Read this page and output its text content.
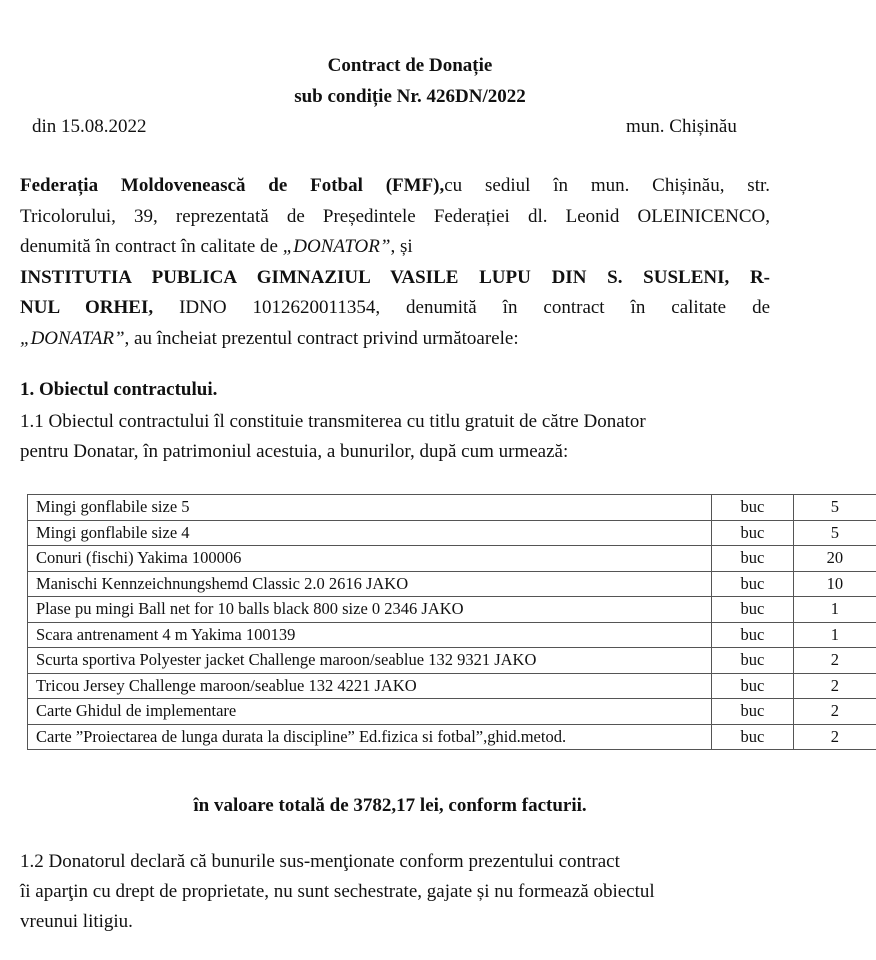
Contract de Donație
sub condiție Nr. 426DN/2022
din 15.08.2022	mun. Chișinău
Federația Moldovenească de Fotbal (FMF),cu sediul în mun. Chișinău, str.
Tricolorului, 39, reprezentată de Președintele Federației dl. Leonid OLEINICENCO,
denumită în contract în calitate de „DONATOR”, și
INSTITUTIA PUBLICA GIMNAZIUL VASILE LUPU DIN S. SUSLENI, R-
NUL ORHEI, IDNO 1012620011354, denumită în contract în calitate de
„DONATAR”, au încheiat prezentul contract privind următoarele:
1. Obiectul contractului.
1.1 Obiectul contractului îl constituie transmiterea cu titlu gratuit de către Donator
pentru Donatar, în patrimoniul acestuia, a bunurilor, după cum urmează:
Mingi gonflabile size 5	buc	5
Mingi gonflabile size 4	buc	5
Conuri (fischi) Yakima 100006	buc	20
Manischi Kennzeichnungshemd Classic 2.0 2616 JAKO	buc	10
Plase pu mingi Ball net for 10 balls black 800 size 0 2346 JAKO	buc	1
Scara antrenament 4 m Yakima 100139	buc	1
Scurta sportiva Polyester jacket Challenge maroon/seablue 132 9321 JAKO	buc	2
Tricou Jersey Challenge maroon/seablue 132 4221 JAKO	buc	2
Carte Ghidul de implementare	buc	2
Carte ”Proiectarea de lunga durata la discipline” Ed.fizica si fotbal”,ghid.metod.	buc	2
în valoare totală de 3782,17 lei, conform facturii.
1.2 Donatorul declară că bunurile sus-menţionate conform prezentului contract
îi aparţin cu drept de proprietate, nu sunt sechestrate, gajate și nu formează obiectul
vreunui litigiu.
